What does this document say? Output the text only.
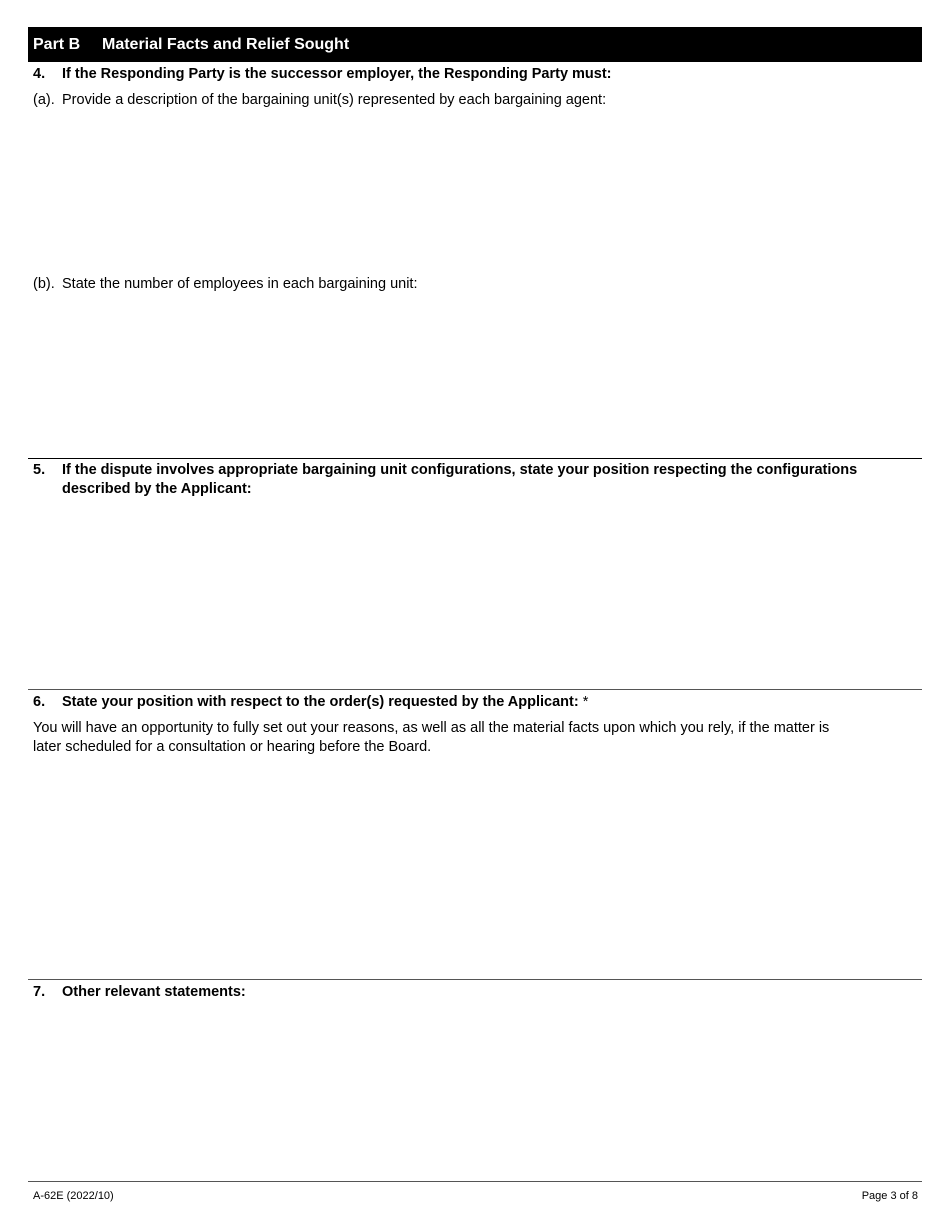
Part B	Material Facts and Relief Sought
4. If the Responding Party is the successor employer, the Responding Party must:
(a). Provide a description of the bargaining unit(s) represented by each bargaining agent:
(b). State the number of employees in each bargaining unit:
5. If the dispute involves appropriate bargaining unit configurations, state your position respecting the configurations
described by the Applicant:
6. State your position with respect to the order(s) requested by the Applicant: *
You will have an opportunity to fully set out your reasons, as well as all the material facts upon which you rely, if the matter is
later scheduled for a consultation or hearing before the Board.
7. Other relevant statements:
A-62E (2022/10)	Page 3 of 8
